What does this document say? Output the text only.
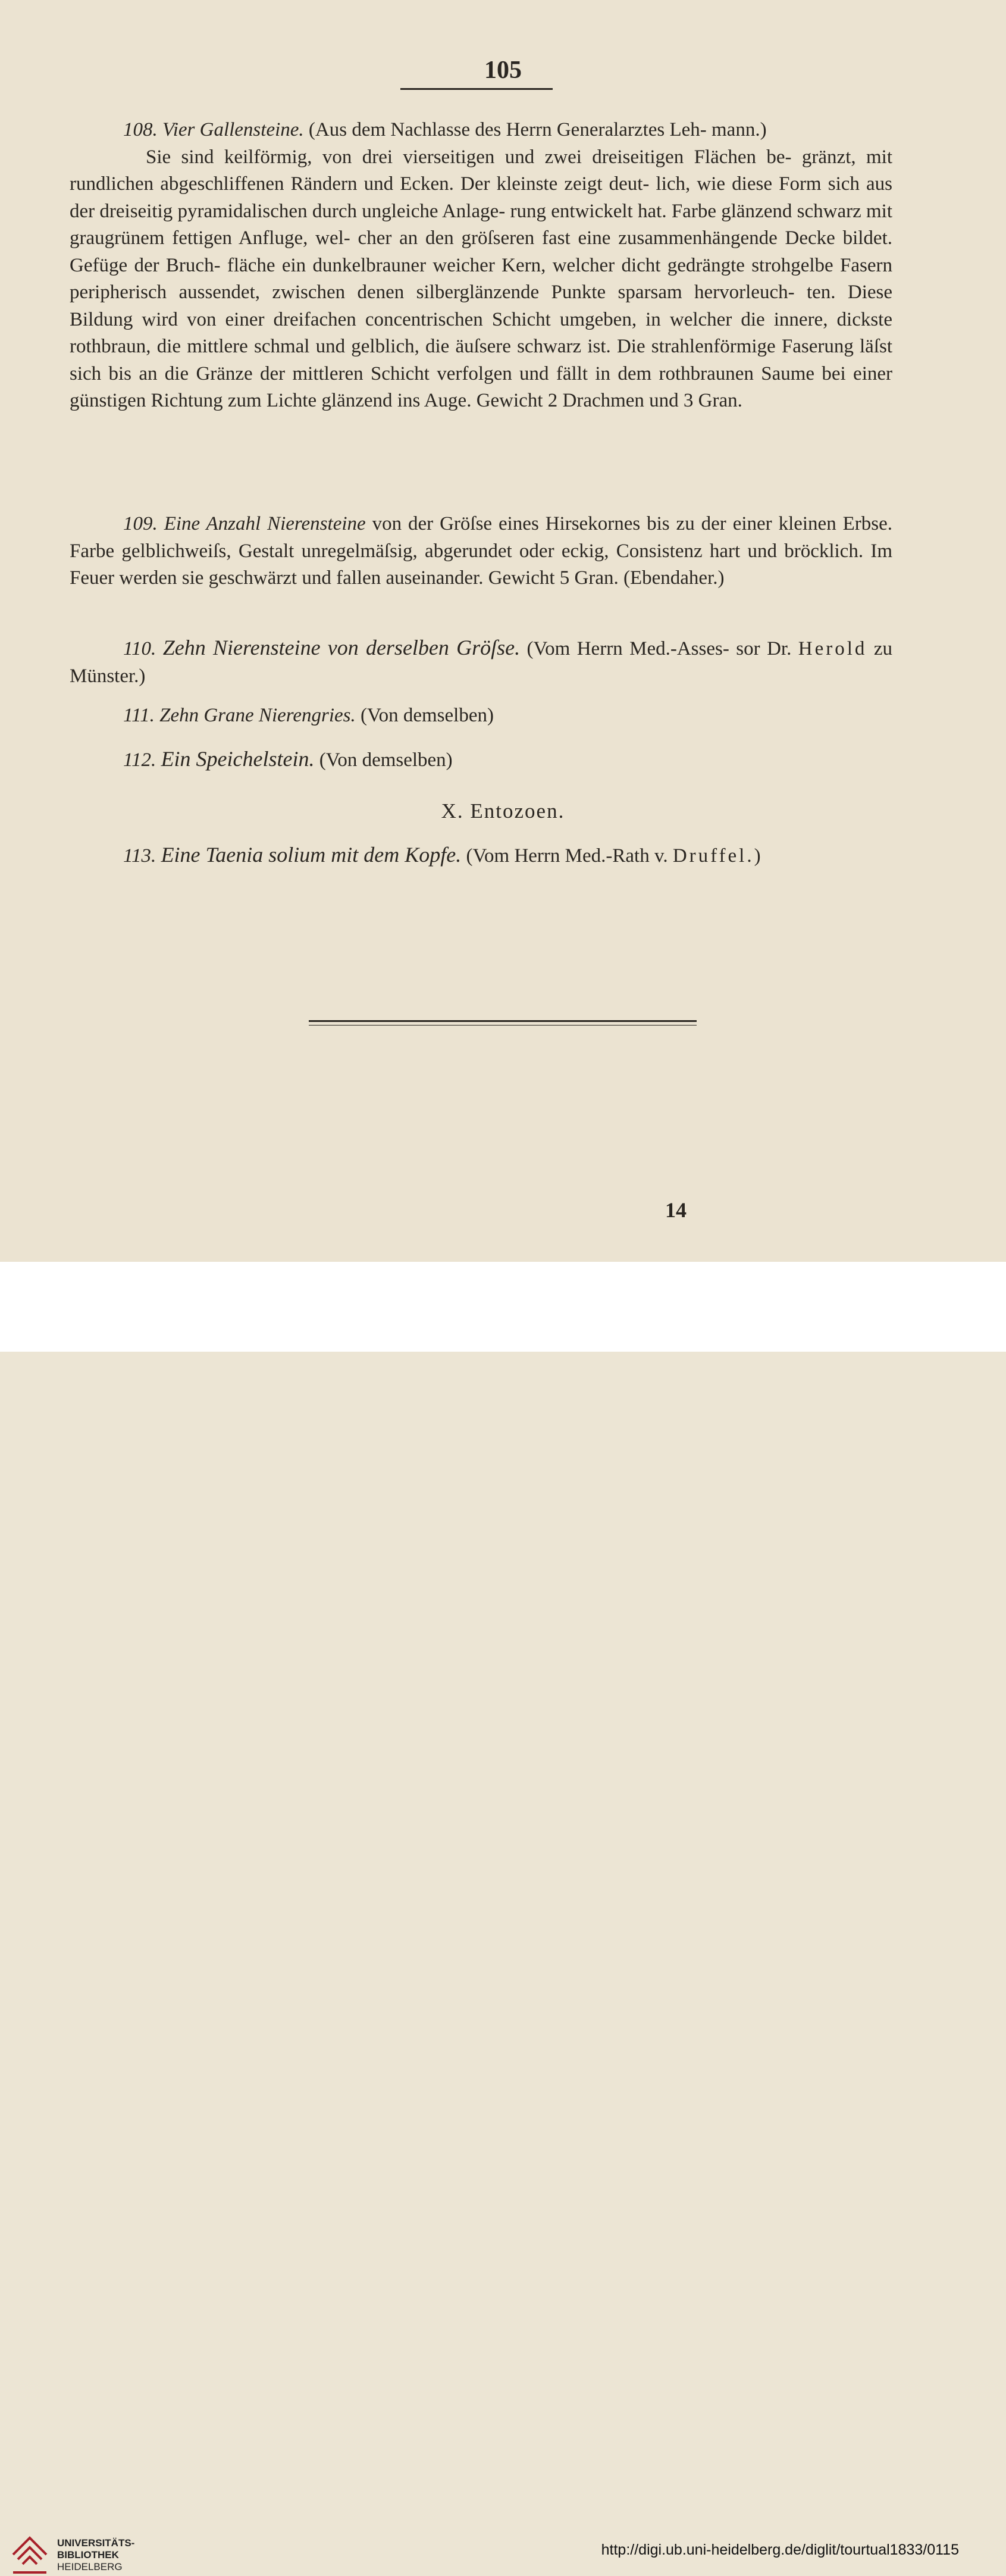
105

108. Vier Gallensteine. (Aus dem Nachlasse des Herrn Generalarztes Leh- mann.)

Sie sind keilförmig, von drei vierseitigen und zwei dreiseitigen Flächen be- gränzt, mit rundlichen abgeschliffenen Rändern und Ecken. Der kleinste zeigt deut- lich, wie diese Form sich aus der dreiseitig pyramidalischen durch ungleiche Anlage- rung entwickelt hat. Farbe glänzend schwarz mit graugrünem fettigen Anfluge, wel- cher an den gröſseren fast eine zusammenhängende Decke bildet. Gefüge der Bruch- fläche ein dunkelbrauner weicher Kern, welcher dicht gedrängte strohgelbe Fasern peripherisch aussendet, zwischen denen silberglänzende Punkte sparsam hervorleuch- ten. Diese Bildung wird von einer dreifachen concentrischen Schicht umgeben, in welcher die innere, dickste rothbraun, die mittlere schmal und gelblich, die äuſsere schwarz ist. Die strahlenförmige Faserung läſst sich bis an die Gränze der mittleren Schicht verfolgen und fällt in dem rothbraunen Saume bei einer günstigen Richtung zum Lichte glänzend ins Auge. Gewicht 2 Drachmen und 3 Gran.

109. Eine Anzahl Nierensteine von der Gröſse eines Hirsekornes bis zu der einer kleinen Erbse. Farbe gelblichweiſs, Gestalt unregelmäſsig, abgerundet oder eckig, Consistenz hart und bröcklich. Im Feuer werden sie geschwärzt und fallen auseinander. Gewicht 5 Gran. (Ebendaher.)

110. Zehn Nierensteine von derselben Gröſse. (Vom Herrn Med.-Asses- sor Dr. Herold zu Münster.)

111. Zehn Grane Nierengries. (Von demselben)

112. Ein Speichelstein. (Von demselben)

X. Entozoen.

113. Eine Taenia solium mit dem Kopfe. (Vom Herrn Med.-Rath v. Druffel.)

14
UNIVERSITÄTS-
BIBLIOTHEK
HEIDELBERG
http://digi.ub.uni-heidelberg.de/diglit/tourtual1833/0115
